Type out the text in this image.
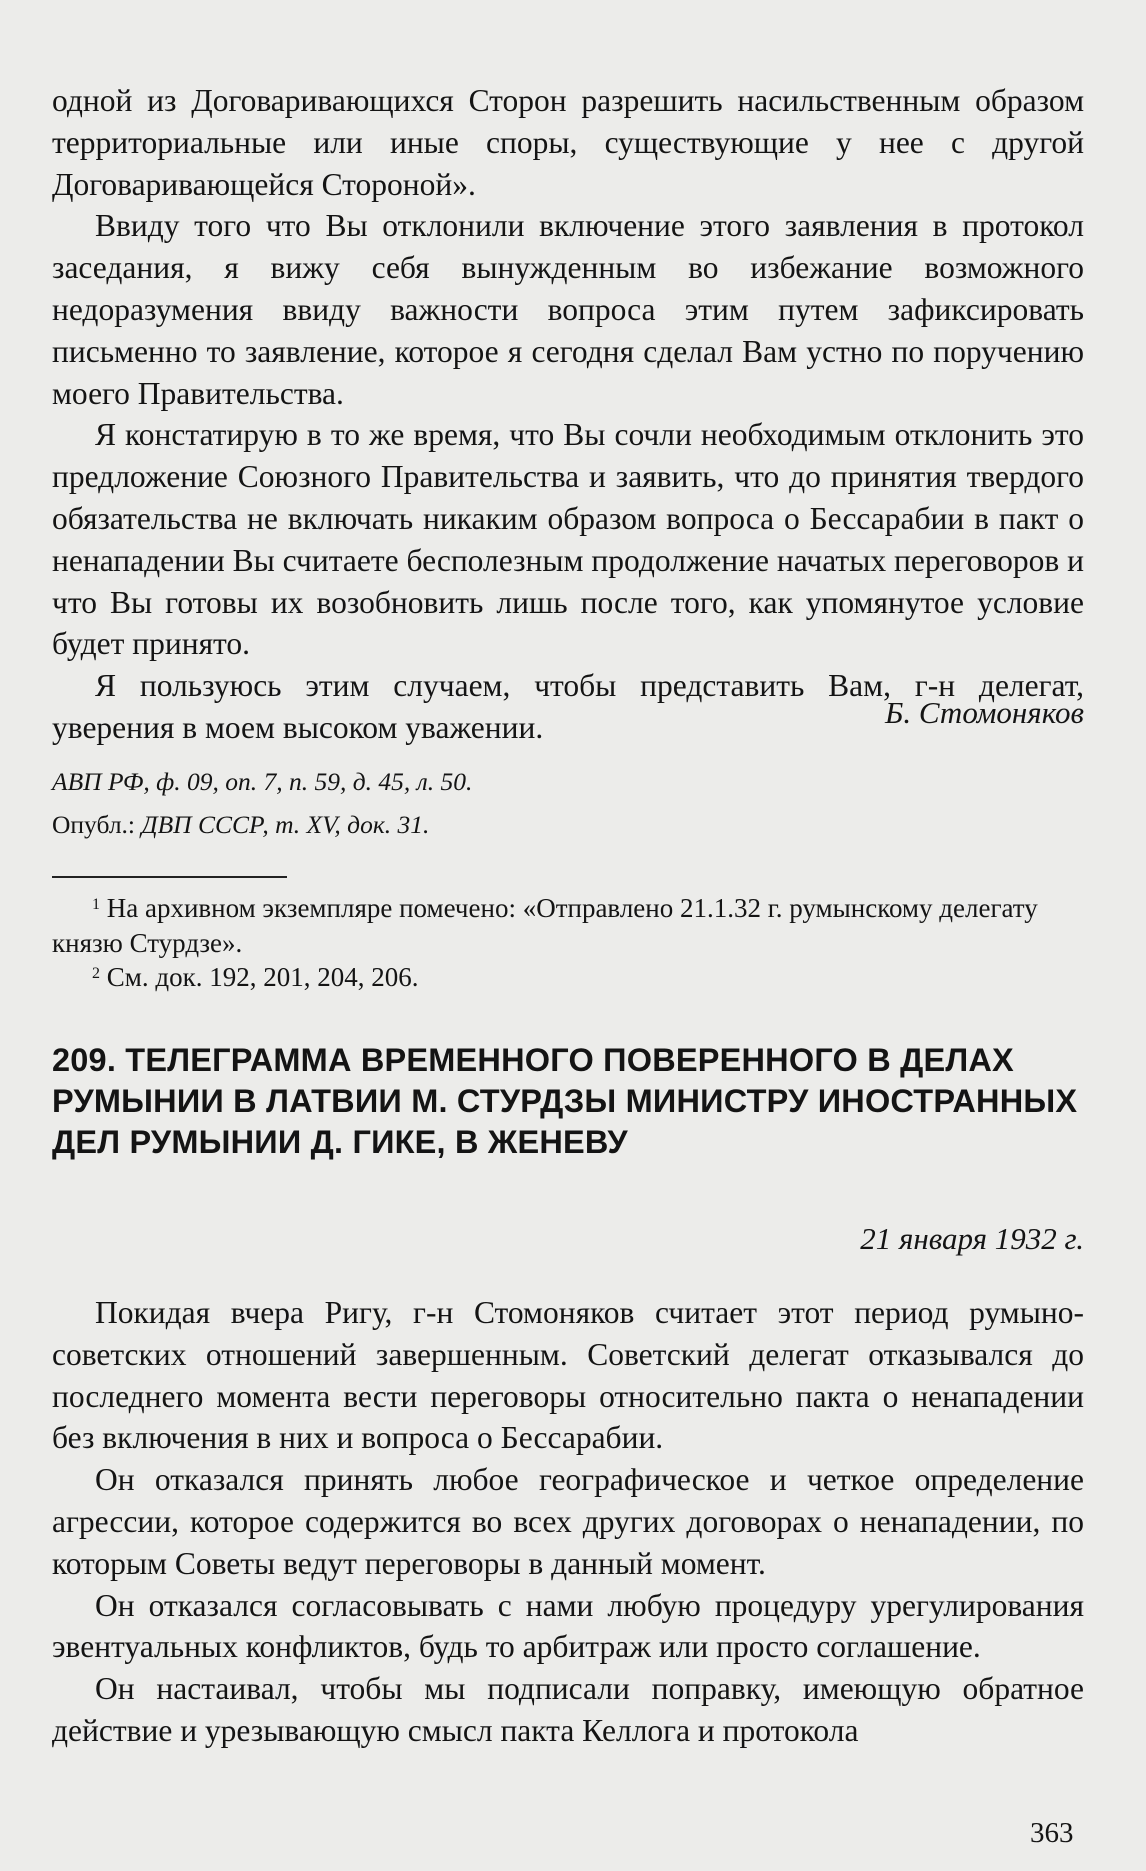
одной из Договаривающихся Сторон разрешить насильственным образом территориальные или иные споры, существующие у нее с другой Договаривающейся Стороной».

Ввиду того что Вы отклонили включение этого заявления в протокол заседания, я вижу себя вынужденным во избежание возможного недоразумения ввиду важности вопроса этим путем зафиксировать письменно то заявление, которое я сегодня сделал Вам устно по поручению моего Правительства.

Я констатирую в то же время, что Вы сочли необходимым отклонить это предложение Союзного Правительства и заявить, что до принятия твердого обязательства не включать никаким образом вопроса о Бессарабии в пакт о ненападении Вы считаете бесполезным продолжение начатых переговоров и что Вы готовы их возобновить лишь после того, как упомянутое условие будет принято.

Я пользуюсь этим случаем, чтобы представить Вам, г-н делегат, уверения в моем высоком уважении.	Б. Стомоняков
АВП РФ, ф. 09, оп. 7, п. 59, д. 45, л. 50.
Опубл.: ДВП СССР, т. XV, док. 31.

$^1$ На архивном экземпляре помечено: «Отправлено 21.1.32 г. румынскому делегату князю Стурдзе».

$^2$ См. док. 192, 201, 204, 206.

209. ТЕЛЕГРАММА ВРЕМЕННОГО ПОВЕРЕННОГО В ДЕЛАХ РУМЫНИИ В ЛАТВИИ М. СТУРДЗЫ МИНИСТРУ ИНОСТРАННЫХ ДЕЛ РУМЫНИИ Д. ГИКЕ, В ЖЕНЕВУ

21 января 1932 г.

Покидая вчера Ригу, г-н Стомоняков считает этот период румыно-советских отношений завершенным. Советский делегат отказывался до последнего момента вести переговоры относительно пакта о ненападении без включения в них и вопроса о Бессарабии.

Он отказался принять любое географическое и четкое определение агрессии, которое содержится во всех других договорах о ненападении, по которым Советы ведут переговоры в данный момент.

Он отказался согласовывать с нами любую процедуру урегулирования эвентуальных конфликтов, будь то арбитраж или просто соглашение.

Он настаивал, чтобы мы подписали поправку, имеющую обратное действие и урезывающую смысл пакта Келлога и протокола

363
